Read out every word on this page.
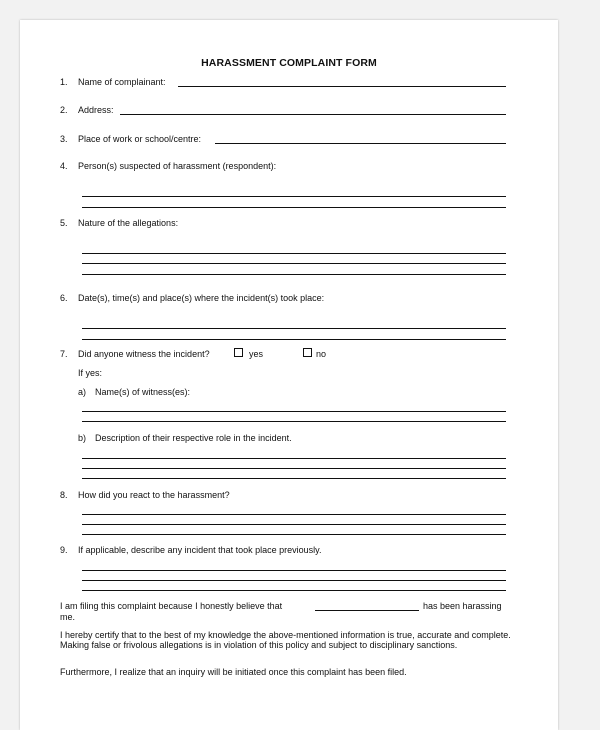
HARASSMENT COMPLAINT FORM
1.	Name of complainant:
2.	Address:
3.	Place of work or school/centre:
4.	Person(s) suspected of harassment (respondent):
5.	Nature of the allegations:
6.	Date(s), time(s) and place(s) where the incident(s) took place:
7.	Did anyone witness the incident?	yes	no
If yes:
a) Name(s) of witness(es):
b) Description of their respective role in the incident.
8.	How did you react to the harassment?
9.	If applicable, describe any incident that took place previously.
I am filing this complaint because I honestly believe that	has been harassing
me.
I hereby certify that to the best of my knowledge the above-mentioned information is true, accurate and complete. Making false or frivolous allegations is in violation of this policy and subject to disciplinary sanctions.
Furthermore, I realize that an inquiry will be initiated once this complaint has been filed.
